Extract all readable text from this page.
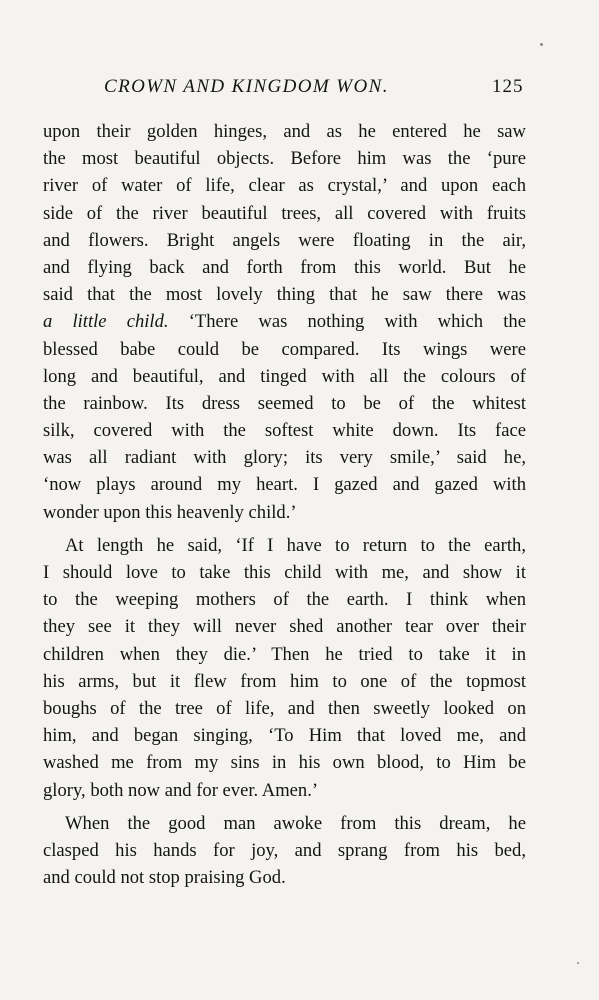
CROWN AND KINGDOM WON.	125
upon their golden hinges, and as he entered he saw
the most beautiful objects. Before him was the ‘pure
river of water of life, clear as crystal,’ and upon each
side of the river beautiful trees, all covered with fruits
and flowers. Bright angels were floating in the air,
and flying back and forth from this world. But he
said that the most lovely thing that he saw there was
a little child. ‘There was nothing with which the
blessed babe could be compared. Its wings were
long and beautiful, and tinged with all the colours of
the rainbow. Its dress seemed to be of the whitest
silk, covered with the softest white down. Its face
was all radiant with glory; its very smile,’ said he,
‘now plays around my heart. I gazed and gazed with
wonder upon this heavenly child.’
At length he said, ‘If I have to return to the earth,
I should love to take this child with me, and show it
to the weeping mothers of the earth. I think when
they see it they will never shed another tear over their
children when they die.’ Then he tried to take it in
his arms, but it flew from him to one of the topmost
boughs of the tree of life, and then sweetly looked on
him, and began singing, ‘To Him that loved me, and
washed me from my sins in his own blood, to Him be
glory, both now and for ever. Amen.’
When the good man awoke from this dream, he
clasped his hands for joy, and sprang from his bed,
and could not stop praising God.
